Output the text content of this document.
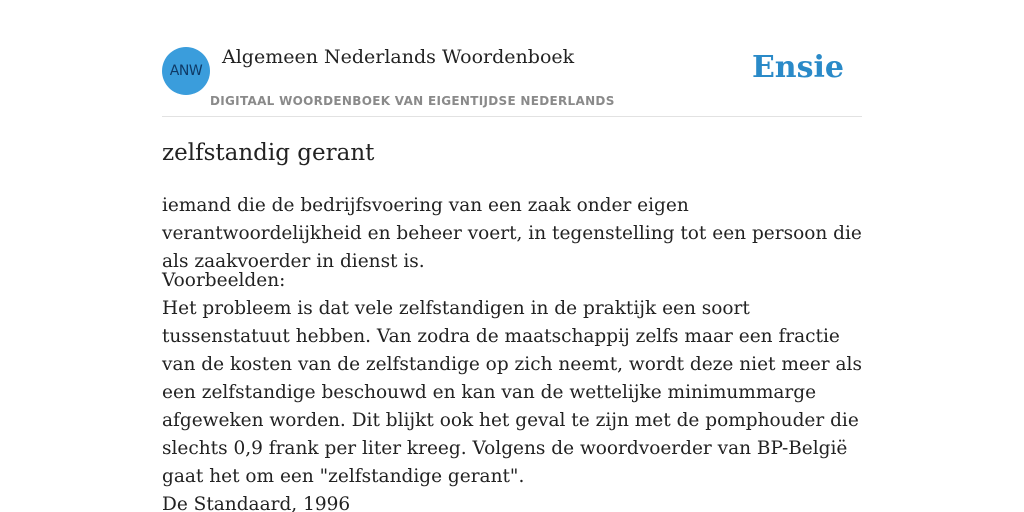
ANW
Algemeen Nederlands Woordenboek
DIGITAAL WOORDENBOEK VAN EIGENTIJDSE NEDERLANDS
Ensie
zelfstandig gerant
iemand die de bedrijfsvoering van een zaak onder eigen verantwoordelijkheid en beheer voert, in tegenstelling tot een persoon die als zaakvoerder in dienst is.
Voorbeelden:
Het probleem is dat vele zelfstandigen in de praktijk een soort tussenstatuut hebben. Van zodra de maatschappij zelfs maar een fractie van de kosten van de zelfstandige op zich neemt, wordt deze niet meer als een zelfstandige beschouwd en kan van de wettelijke minimummarge afgeweken worden. Dit blijkt ook het geval te zijn met de pomphouder die slechts 0,9 frank per liter kreeg. Volgens de woordvoerder van BP-België gaat het om een "zelfstandige gerant".
De Standaard, 1996
